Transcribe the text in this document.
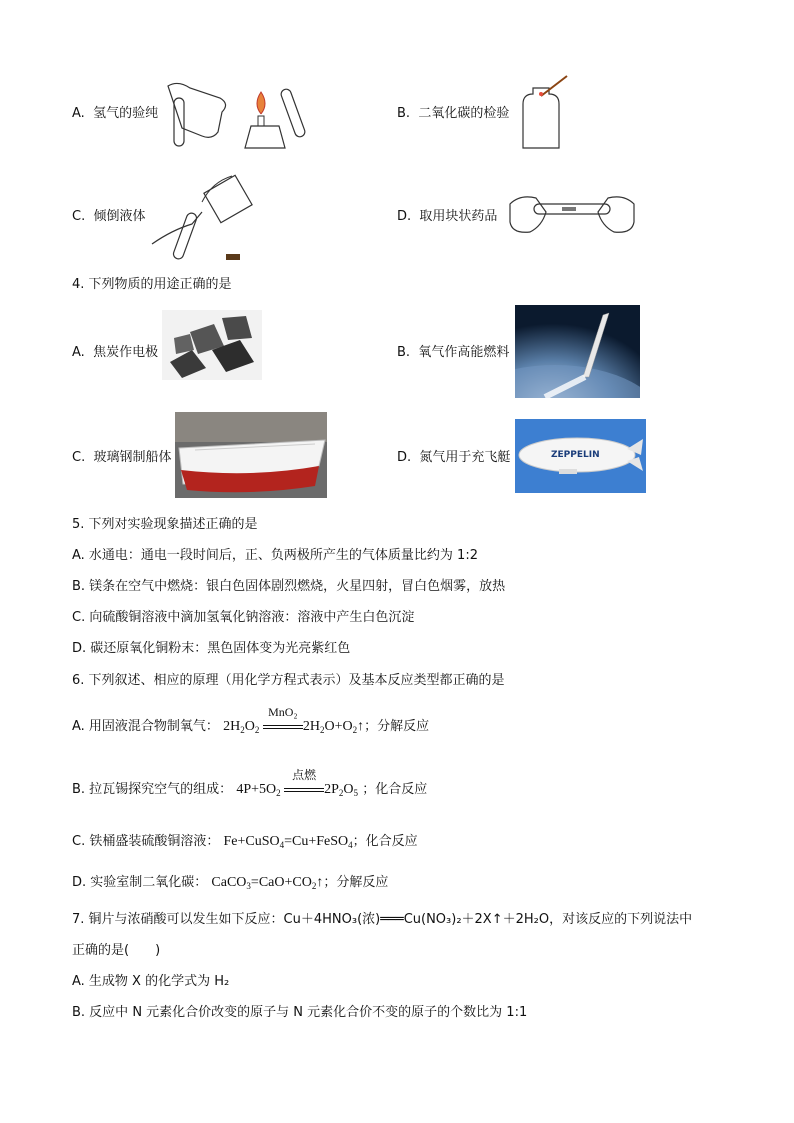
A. 氢气的验纯	B. 二氧化碳的检验
C. 倾倒液体	D. 取用块状药品
4. 下列物质的用途正确的是
A. 焦炭作电极	B. 氧气作高能燃料
C. 玻璃钢制船体	D. 氮气用于充飞艇	ZEPPELIN
5. 下列对实验现象描述正确的是
A. 水通电：通电一段时间后，正、负两极所产生的气体质量比约为 1:2
B. 镁条在空气中燃烧：银白色固体剧烈燃烧，火星四射，冒白色烟雾，放热
C. 向硫酸铜溶液中滴加氢氧化钠溶液：溶液中产生白色沉淀
D. 碳还原氧化铜粉末：黑色固体变为光亮紫红色
6. 下列叙述、相应的原理（用化学方程式表示）及基本反应类型都正确的是
A. 用固液混合物制氧气： $2H_2O_2$
MnO₂
$2H_2O+O_2↑$；分解反应
B. 拉瓦锡探究空气的组成： $4P+5O_2$
点燃
$2P_2O_5$ ；化合反应
C. 铁桶盛装硫酸铜溶液： Fe+CuSO$_4$=Cu+FeSO$_4$；化合反应
D. 实验室制二氧化碳： $CaCO_3=CaO+CO_2↑$；分解反应
7. 铜片与浓硝酸可以发生如下反应：Cu＋4HNO₃(浓)═══Cu(NO₃)₂＋2X↑＋2H₂O，对该反应的下列说法中
正确的是(　　)
A. 生成物 X 的化学式为 H₂
B. 反应中 N 元素化合价改变的原子与 N 元素化合价不变的原子的个数比为 1:1
